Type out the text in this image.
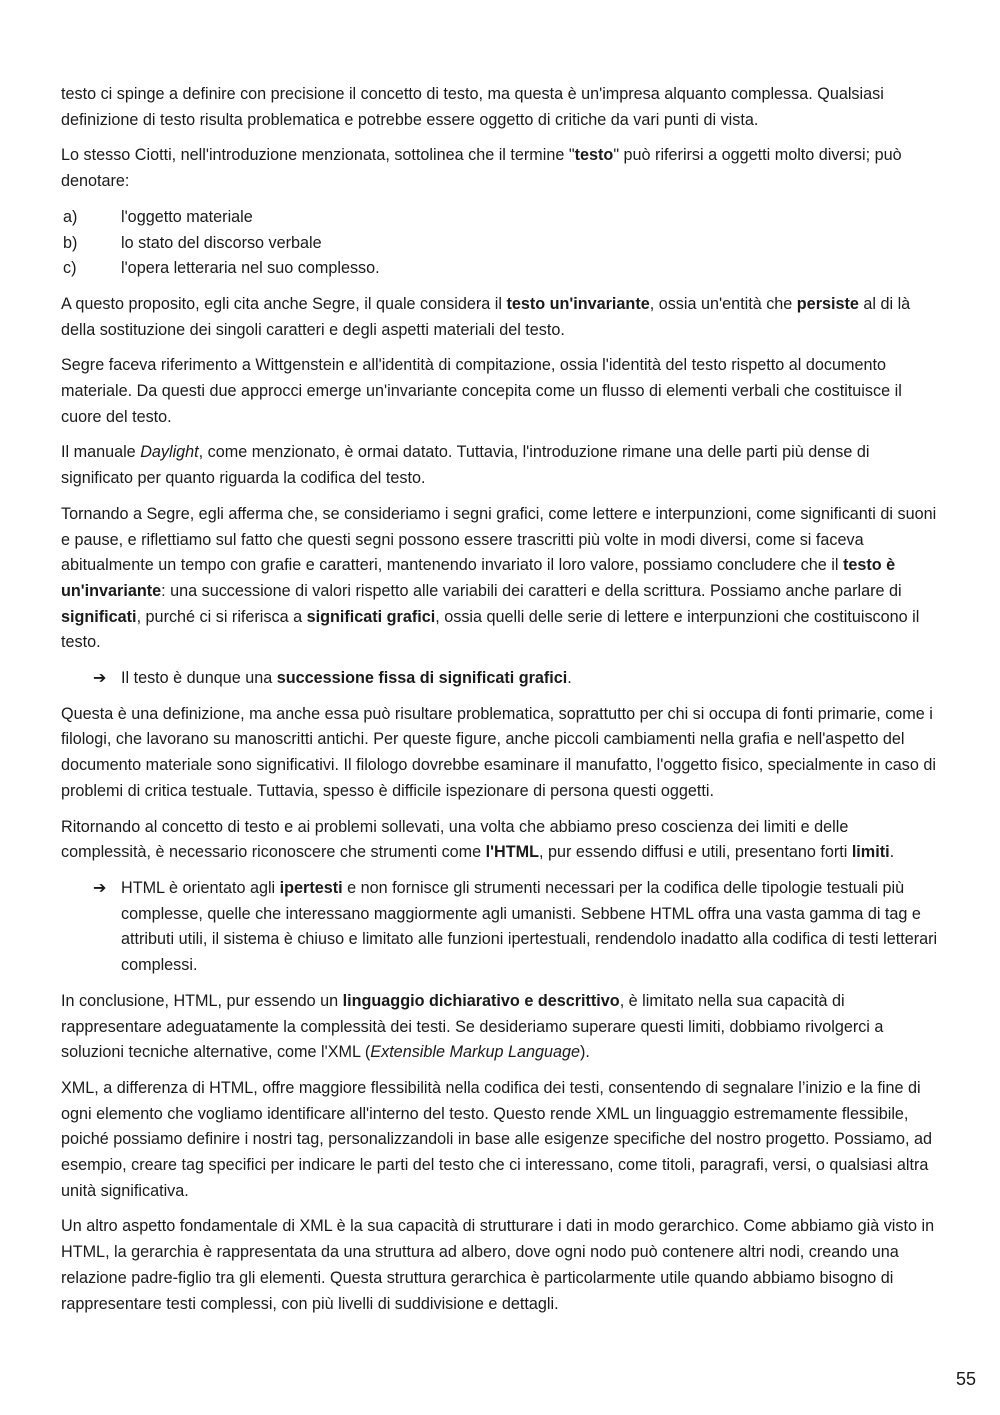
testo ci spinge a definire con precisione il concetto di testo, ma questa è un'impresa alquanto complessa. Qualsiasi definizione di testo risulta problematica e potrebbe essere oggetto di critiche da vari punti di vista.

Lo stesso Ciotti, nell'introduzione menzionata, sottolinea che il termine "testo" può riferirsi a oggetti molto diversi; può denotare:

a)	l'oggetto materiale
b)	lo stato del discorso verbale
c)	l'opera letteraria nel suo complesso.

A questo proposito, egli cita anche Segre, il quale considera il testo un'invariante, ossia un'entità che persiste al di là della sostituzione dei singoli caratteri e degli aspetti materiali del testo.

Segre faceva riferimento a Wittgenstein e all'identità di compitazione, ossia l'identità del testo rispetto al documento materiale. Da questi due approcci emerge un'invariante concepita come un flusso di elementi verbali che costituisce il cuore del testo.

Il manuale Daylight, come menzionato, è ormai datato. Tuttavia, l'introduzione rimane una delle parti più dense di significato per quanto riguarda la codifica del testo.

Tornando a Segre, egli afferma che, se consideriamo i segni grafici, come lettere e interpunzioni, come significanti di suoni e pause, e riflettiamo sul fatto che questi segni possono essere trascritti più volte in modi diversi, come si faceva abitualmente un tempo con grafie e caratteri, mantenendo invariato il loro valore, possiamo concludere che il testo è un'invariante: una successione di valori rispetto alle variabili dei caratteri e della scrittura. Possiamo anche parlare di significati, purché ci si riferisca a significati grafici, ossia quelli delle serie di lettere e interpunzioni che costituiscono il testo.

➔ Il testo è dunque una successione fissa di significati grafici.

Questa è una definizione, ma anche essa può risultare problematica, soprattutto per chi si occupa di fonti primarie, come i filologi, che lavorano su manoscritti antichi. Per queste figure, anche piccoli cambiamenti nella grafia e nell'aspetto del documento materiale sono significativi. Il filologo dovrebbe esaminare il manufatto, l'oggetto fisico, specialmente in caso di problemi di critica testuale. Tuttavia, spesso è difficile ispezionare di persona questi oggetti.

Ritornando al concetto di testo e ai problemi sollevati, una volta che abbiamo preso coscienza dei limiti e delle complessità, è necessario riconoscere che strumenti come l'HTML, pur essendo diffusi e utili, presentano forti limiti.

➔ HTML è orientato agli ipertesti e non fornisce gli strumenti necessari per la codifica delle tipologie testuali più complesse, quelle che interessano maggiormente agli umanisti. Sebbene HTML offra una vasta gamma di tag e attributi utili, il sistema è chiuso e limitato alle funzioni ipertestuali, rendendolo inadatto alla codifica di testi letterari complessi.

In conclusione, HTML, pur essendo un linguaggio dichiarativo e descrittivo, è limitato nella sua capacità di rappresentare adeguatamente la complessità dei testi. Se desideriamo superare questi limiti, dobbiamo rivolgerci a soluzioni tecniche alternative, come l'XML (Extensible Markup Language).

XML, a differenza di HTML, offre maggiore flessibilità nella codifica dei testi, consentendo di segnalare l’inizio e la fine di ogni elemento che vogliamo identificare all'interno del testo. Questo rende XML un linguaggio estremamente flessibile, poiché possiamo definire i nostri tag, personalizzandoli in base alle esigenze specifiche del nostro progetto. Possiamo, ad esempio, creare tag specifici per indicare le parti del testo che ci interessano, come titoli, paragrafi, versi, o qualsiasi altra unità significativa.

Un altro aspetto fondamentale di XML è la sua capacità di strutturare i dati in modo gerarchico. Come abbiamo già visto in HTML, la gerarchia è rappresentata da una struttura ad albero, dove ogni nodo può contenere altri nodi, creando una relazione padre-figlio tra gli elementi. Questa struttura gerarchica è particolarmente utile quando abbiamo bisogno di rappresentare testi complessi, con più livelli di suddivisione e dettagli.

55
